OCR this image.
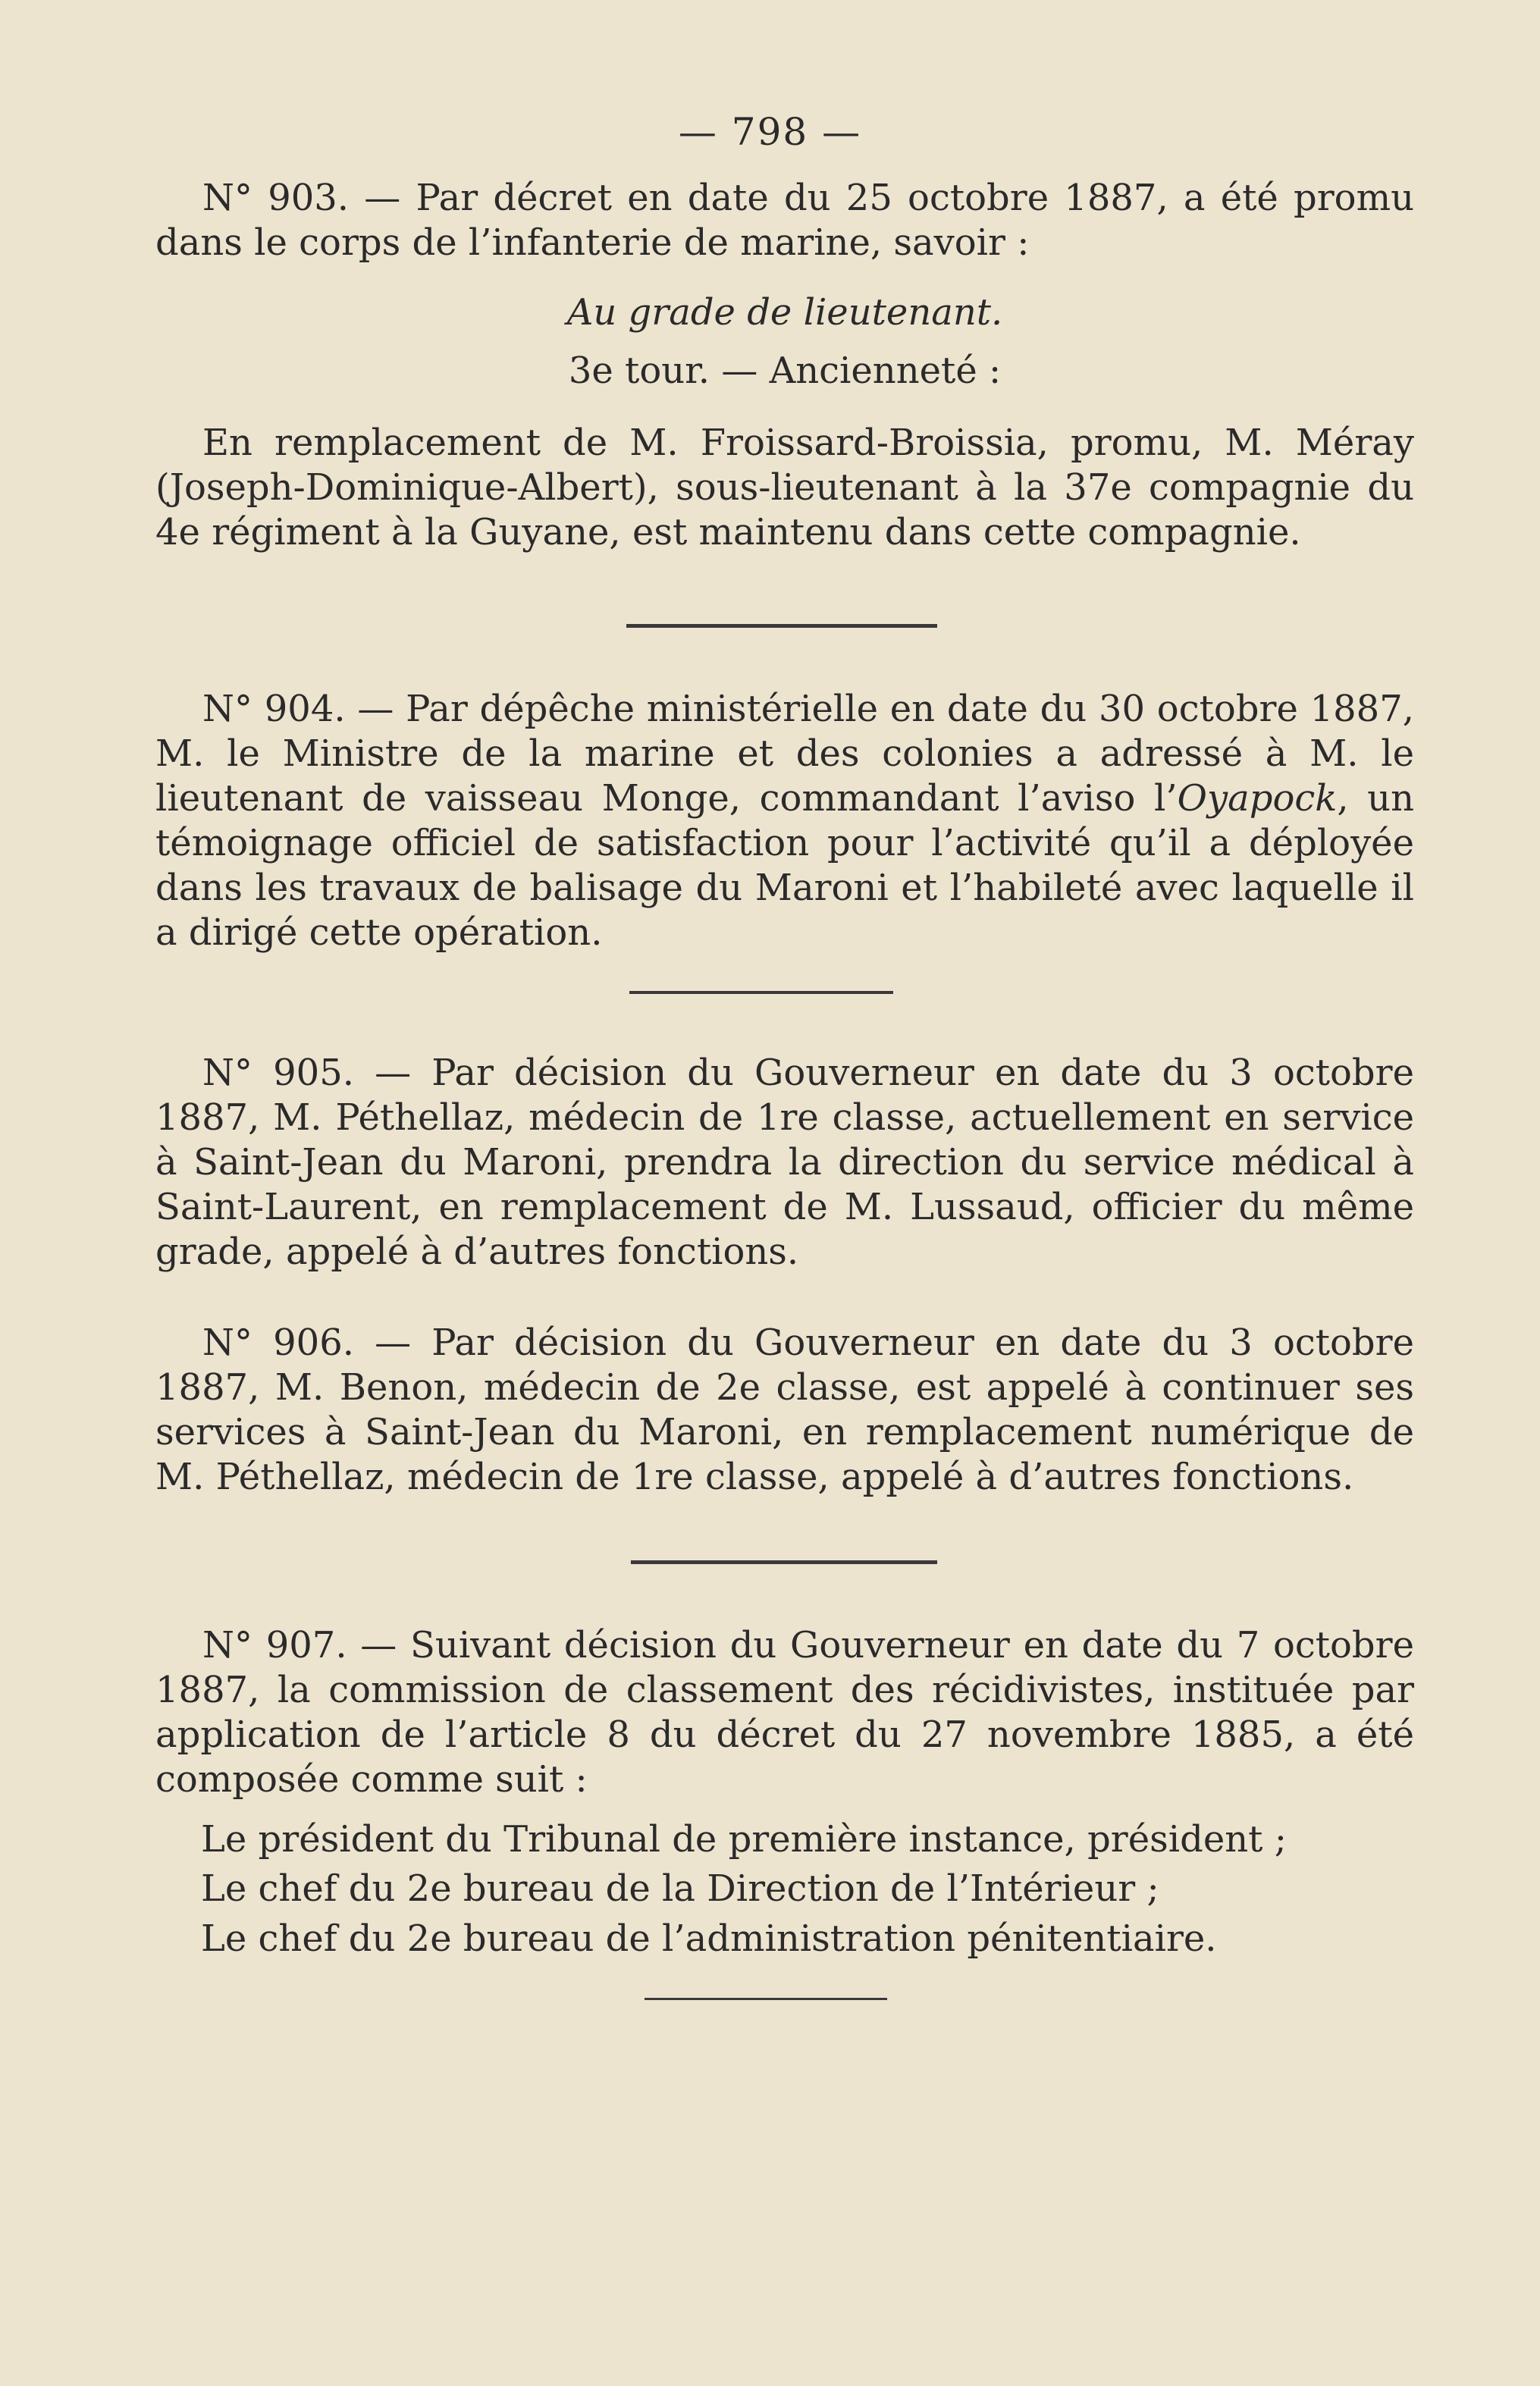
— 798 —
N° 903. — Par décret en date du 25 octobre 1887, a été promu dans le corps de l’infanterie de marine, savoir :
Au grade de lieutenant.
3e tour. — Ancienneté :
En remplacement de M. Froissard-Broissia, promu, M. Méray (Joseph-Dominique-Albert), sous-lieutenant à la 37e compagnie du 4e régiment à la Guyane, est maintenu dans cette compagnie.
N° 904. — Par dépêche ministérielle en date du 30 octobre 1887, M. le Ministre de la marine et des colonies a adressé à M. le lieutenant de vaisseau Monge, commandant l’aviso l’Oyapock, un témoignage officiel de satisfaction pour l’activité qu’il a déployée dans les travaux de balisage du Maroni et l’habileté avec laquelle il a dirigé cette opération.
N° 905. — Par décision du Gouverneur en date du 3 octobre 1887, M. Péthellaz, médecin de 1re classe, actuellement en service à Saint-Jean du Maroni, prendra la direction du service médical à Saint-Laurent, en remplacement de M. Lussaud, officier du même grade, appelé à d’autres fonctions.
N° 906. — Par décision du Gouverneur en date du 3 octobre 1887, M. Benon, médecin de 2e classe, est appelé à continuer ses services à Saint-Jean du Maroni, en remplacement numérique de M. Péthellaz, médecin de 1re classe, appelé à d’autres fonctions.
N° 907. — Suivant décision du Gouverneur en date du 7 octobre 1887, la commission de classement des récidivistes, instituée par application de l’article 8 du décret du 27 novembre 1885, a été composée comme suit :
Le président du Tribunal de première instance, président ;
Le chef du 2e bureau de la Direction de l’Intérieur ;
Le chef du 2e bureau de l’administration pénitentiaire.
